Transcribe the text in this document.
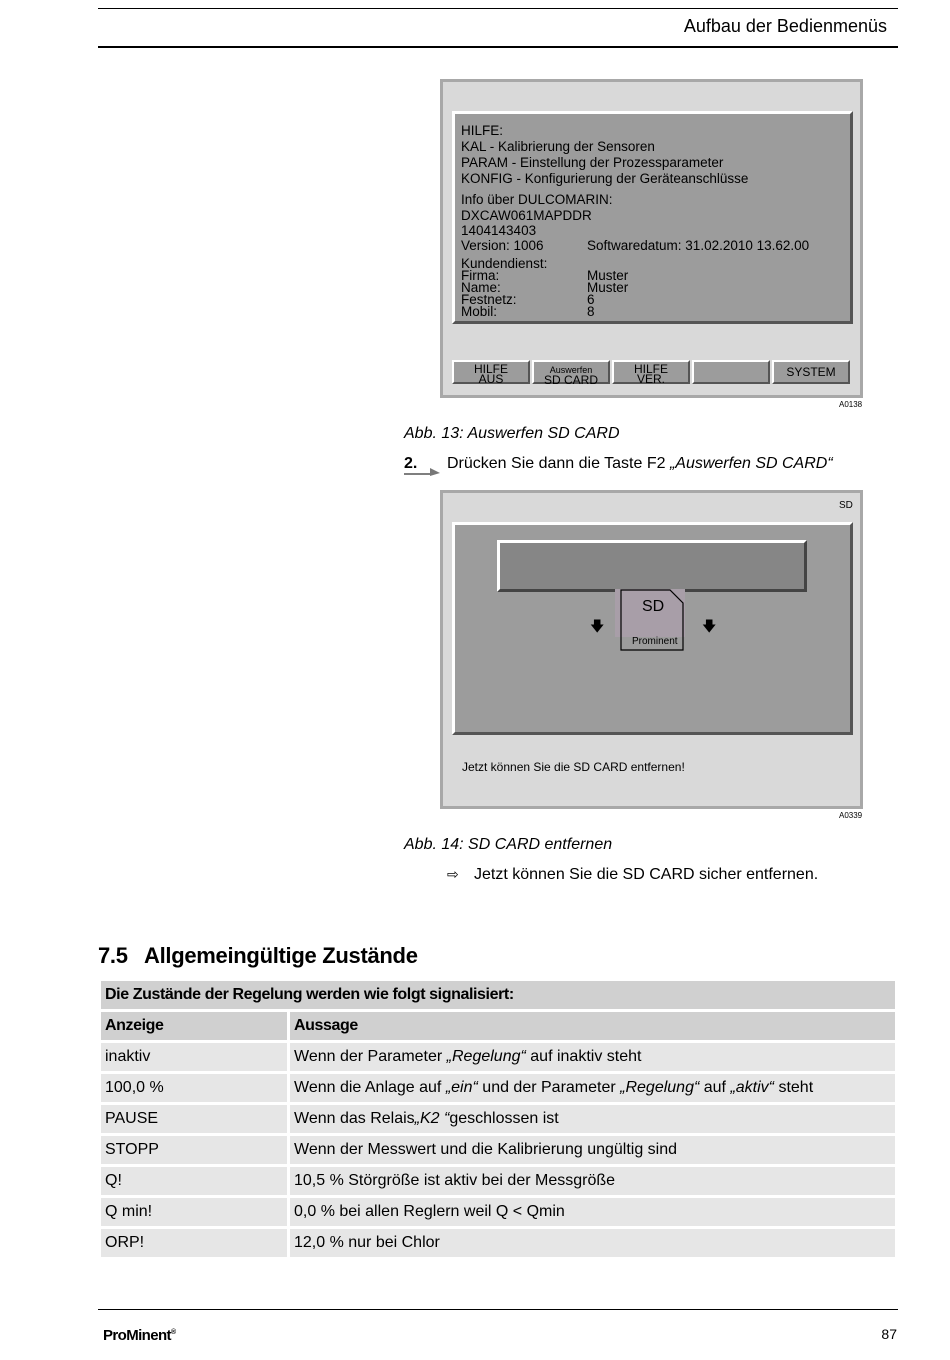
Aufbau der Bedienmenüs
HILFE:
KAL - Kalibrierung der Sensoren
PARAM - Einstellung der Prozessparameter
KONFIG - Konfigurierung der Geräteanschlüsse
Info über DULCOMARIN:
DXCAW061MAPDDR
1404143403
Version: 1006	Softwaredatum: 31.02.2010 13.62.00
Kundendienst:
Firma:	Muster
Name:	Muster
Festnetz:	6
Mobil:	8
HILFE
AUS
Auswerfen
SD CARD
HILFE
VER.	SYSTEM
A0138
Abb. 13: Auswerfen SD CARD
2. Drücken Sie dann die Taste F2 „Auswerfen SD CARD“
SD
🡇	🡇
SD
Prominent
Jetzt können Sie die SD CARD entfernen!
A0339
Abb. 14: SD CARD entfernen
⇨ Jetzt können Sie die SD CARD sicher entfernen.
7.5 Allgemeingültige Zustände
Die Zustände der Regelung werden wie folgt signalisiert:	
Anzeige	Aussage
inaktiv	Wenn der Parameter „Regelung“ auf inaktiv steht
100,0 %	Wenn die Anlage auf „ein“ und der Parameter „Regelung“ auf „aktiv“ steht
PAUSE	Wenn das Relais„K2 “geschlossen ist
STOPP	Wenn der Messwert und die Kalibrierung ungültig sind
Q!	10,5 % Störgröße ist aktiv bei der Messgröße
Q min!	0,0 % bei allen Reglern weil Q < Qmin
ORP!	12,0 % nur bei Chlor
ProMinent®	87
